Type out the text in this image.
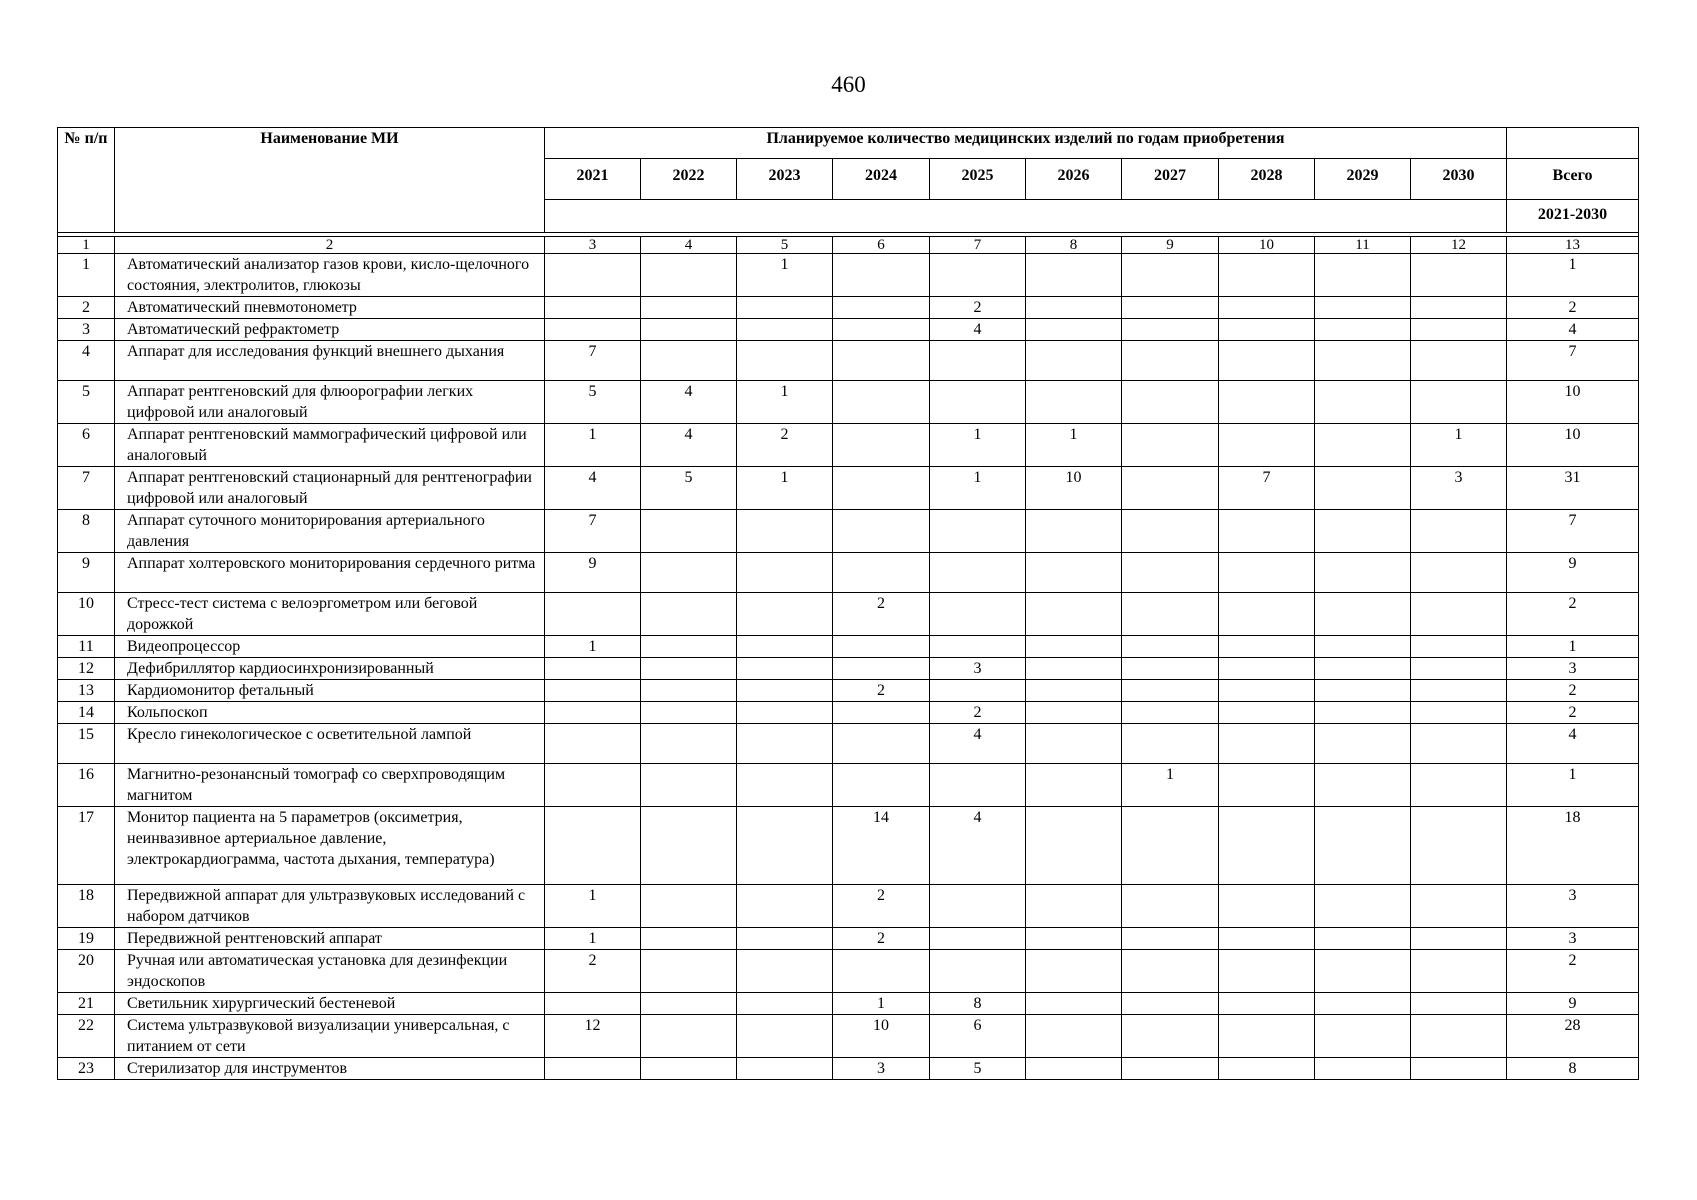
460
№ п/п	Наименование МИ	Планируемое количество медицинских изделий по годам приобретения										
		2021	2022	2023	2024	2025	2026	2027	2028	2029	2030	Всего
												2021-2030

1	2	3	4	5	6	7	8	9	10	11	12	13
1	Автоматический анализатор газов крови, кисло-щелочного состояния, электролитов, глюкозы			1								1
2	Автоматический пневмотонометр					2						2
3	Автоматический рефрактометр					4						4
4	Аппарат для исследования функций внешнего дыхания	7										7
5	Аппарат рентгеновский для флюорографии легких цифровой или аналоговый	5	4	1								10
6	Аппарат рентгеновский маммографический цифровой или аналоговый	1	4	2		1	1				1	10
7	Аппарат рентгеновский стационарный для рентгенографии цифровой или аналоговый	4	5	1		1	10		7		3	31
8	Аппарат суточного мониторирования артериального давления	7										7
9	Аппарат холтеровского мониторирования сердечного ритма	9										9
10	Стресс-тест система с велоэргометром или беговой дорожкой				2							2
11	Видеопроцессор	1										1
12	Дефибриллятор кардиосинхронизированный					3						3
13	Кардиомонитор фетальный				2							2
14	Кольпоскоп					2						2
15	Кресло гинекологическое с осветительной лампой					4						4
16	Магнитно-резонансный томограф со сверхпроводящим магнитом							1				1
17	Монитор пациента на 5 параметров (оксиметрия, неинвазивное артериальное давление, электрокардиограмма, частота дыхания, температура)				14	4						18
18	Передвижной аппарат для ультразвуковых исследований с набором датчиков	1			2							3
19	Передвижной рентгеновский аппарат	1			2							3
20	Ручная или автоматическая установка для дезинфекции эндоскопов	2										2
21	Светильник хирургический бестеневой				1	8						9
22	Система ультразвуковой визуализации универсальная, с питанием от сети	12			10	6						28
23	Стерилизатор для инструментов				3	5						8
